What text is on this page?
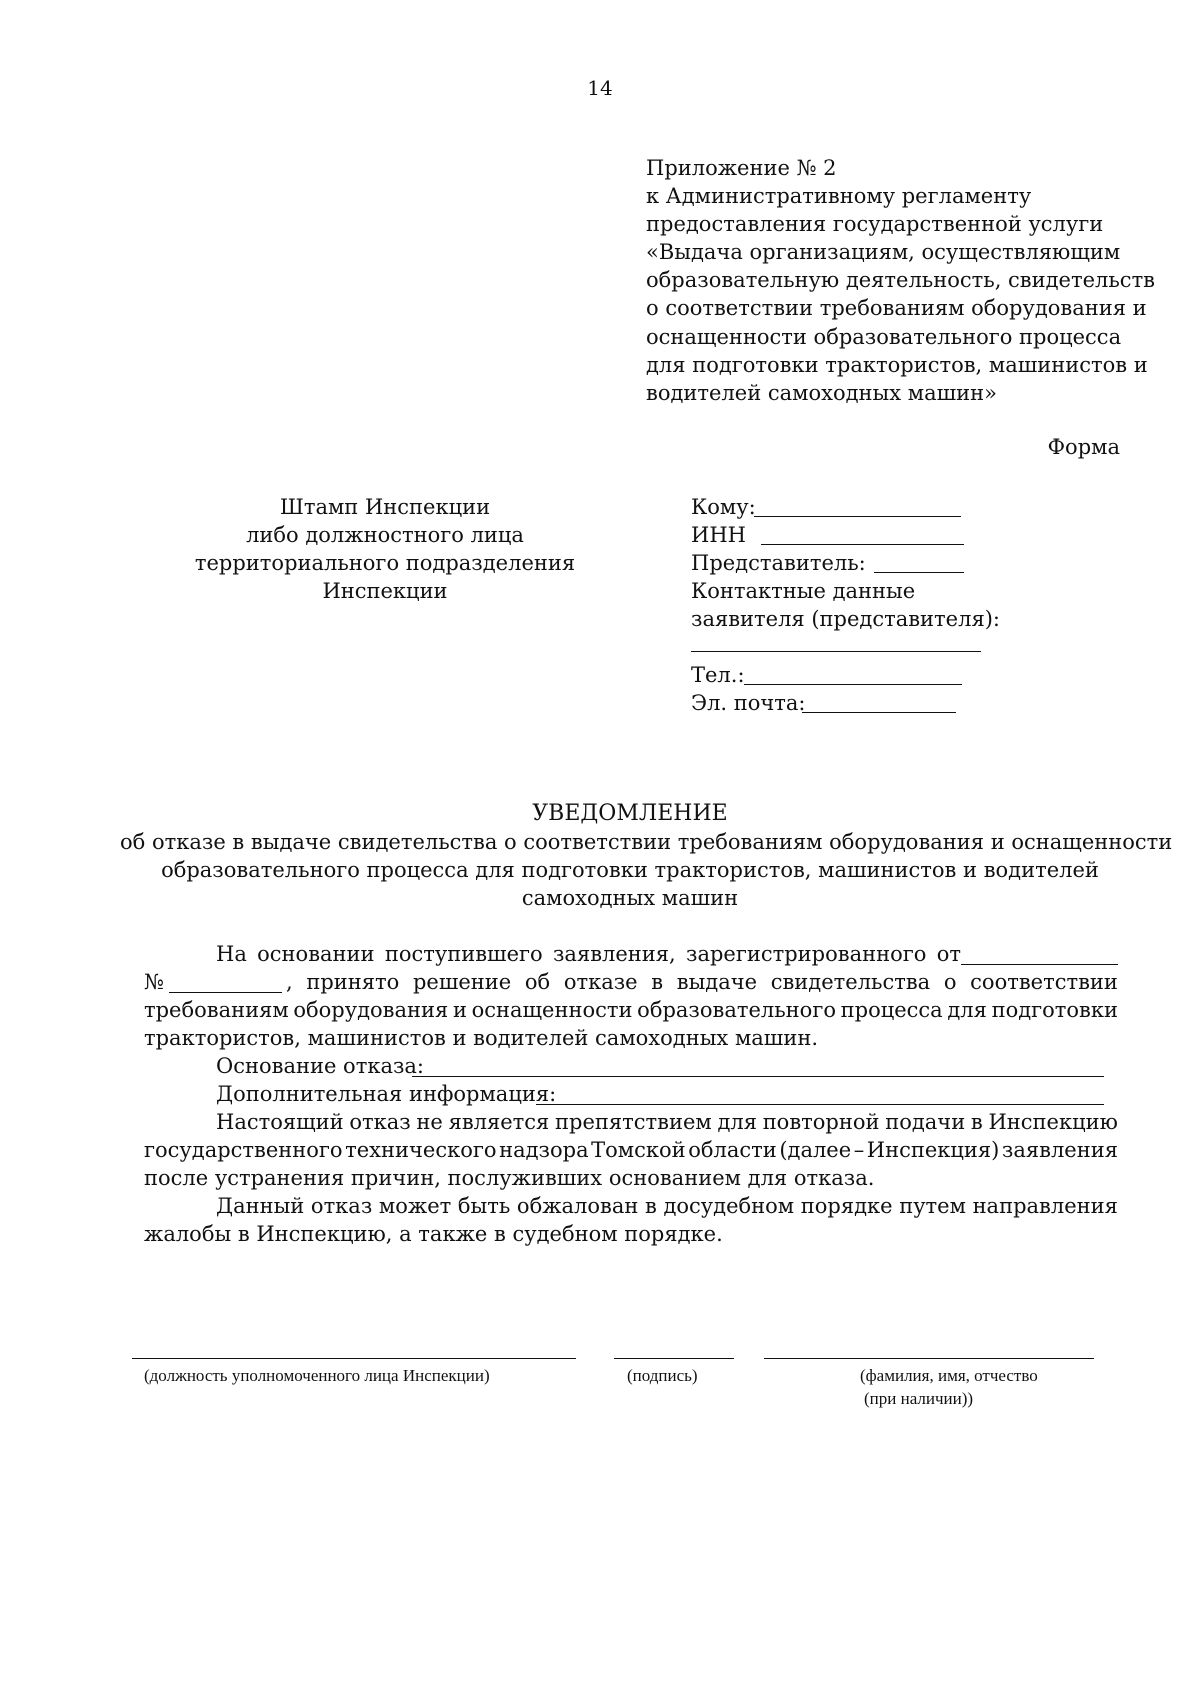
14
Приложение № 2
к Административному регламенту
предоставления государственной услуги
«Выдача организациям, осуществляющим
образовательную деятельность, свидетельств
о соответствии требованиям оборудования и
оснащенности образовательного процесса
для подготовки трактористов, машинистов и
водителей самоходных машин»
Форма
Штамп Инспекции
либо должностного лица
территориального подразделения
Инспекции
Кому:
ИНН
Представитель:
Контактные данные
заявителя (представителя):
Тел.:
Эл. почта:
УВЕДОМЛЕНИЕ
об отказе в выдаче свидетельства о соответствии требованиям оборудования и оснащенности
образовательного процесса для подготовки трактористов, машинистов и водителей
самоходных машин
На основании поступившего заявления, зарегистрированного от
№	, принято решение об отказе в выдаче свидетельства о соответствии
требованиям оборудования и оснащенности образовательного процесса для подготовки
трактористов, машинистов и водителей самоходных машин.
Основание отказа:
Дополнительная информация:
Настоящий отказ не является препятствием для повторной подачи в Инспекцию
государственного технического надзора Томской области (далее – Инспекция) заявления
после устранения причин, послуживших основанием для отказа.
Данный отказ может быть обжалован в досудебном порядке путем направления
жалобы в Инспекцию, а также в судебном порядке.
(должность уполномоченного лица Инспекции)	(подпись)	(фамилия, имя, отчество
(при наличии))
